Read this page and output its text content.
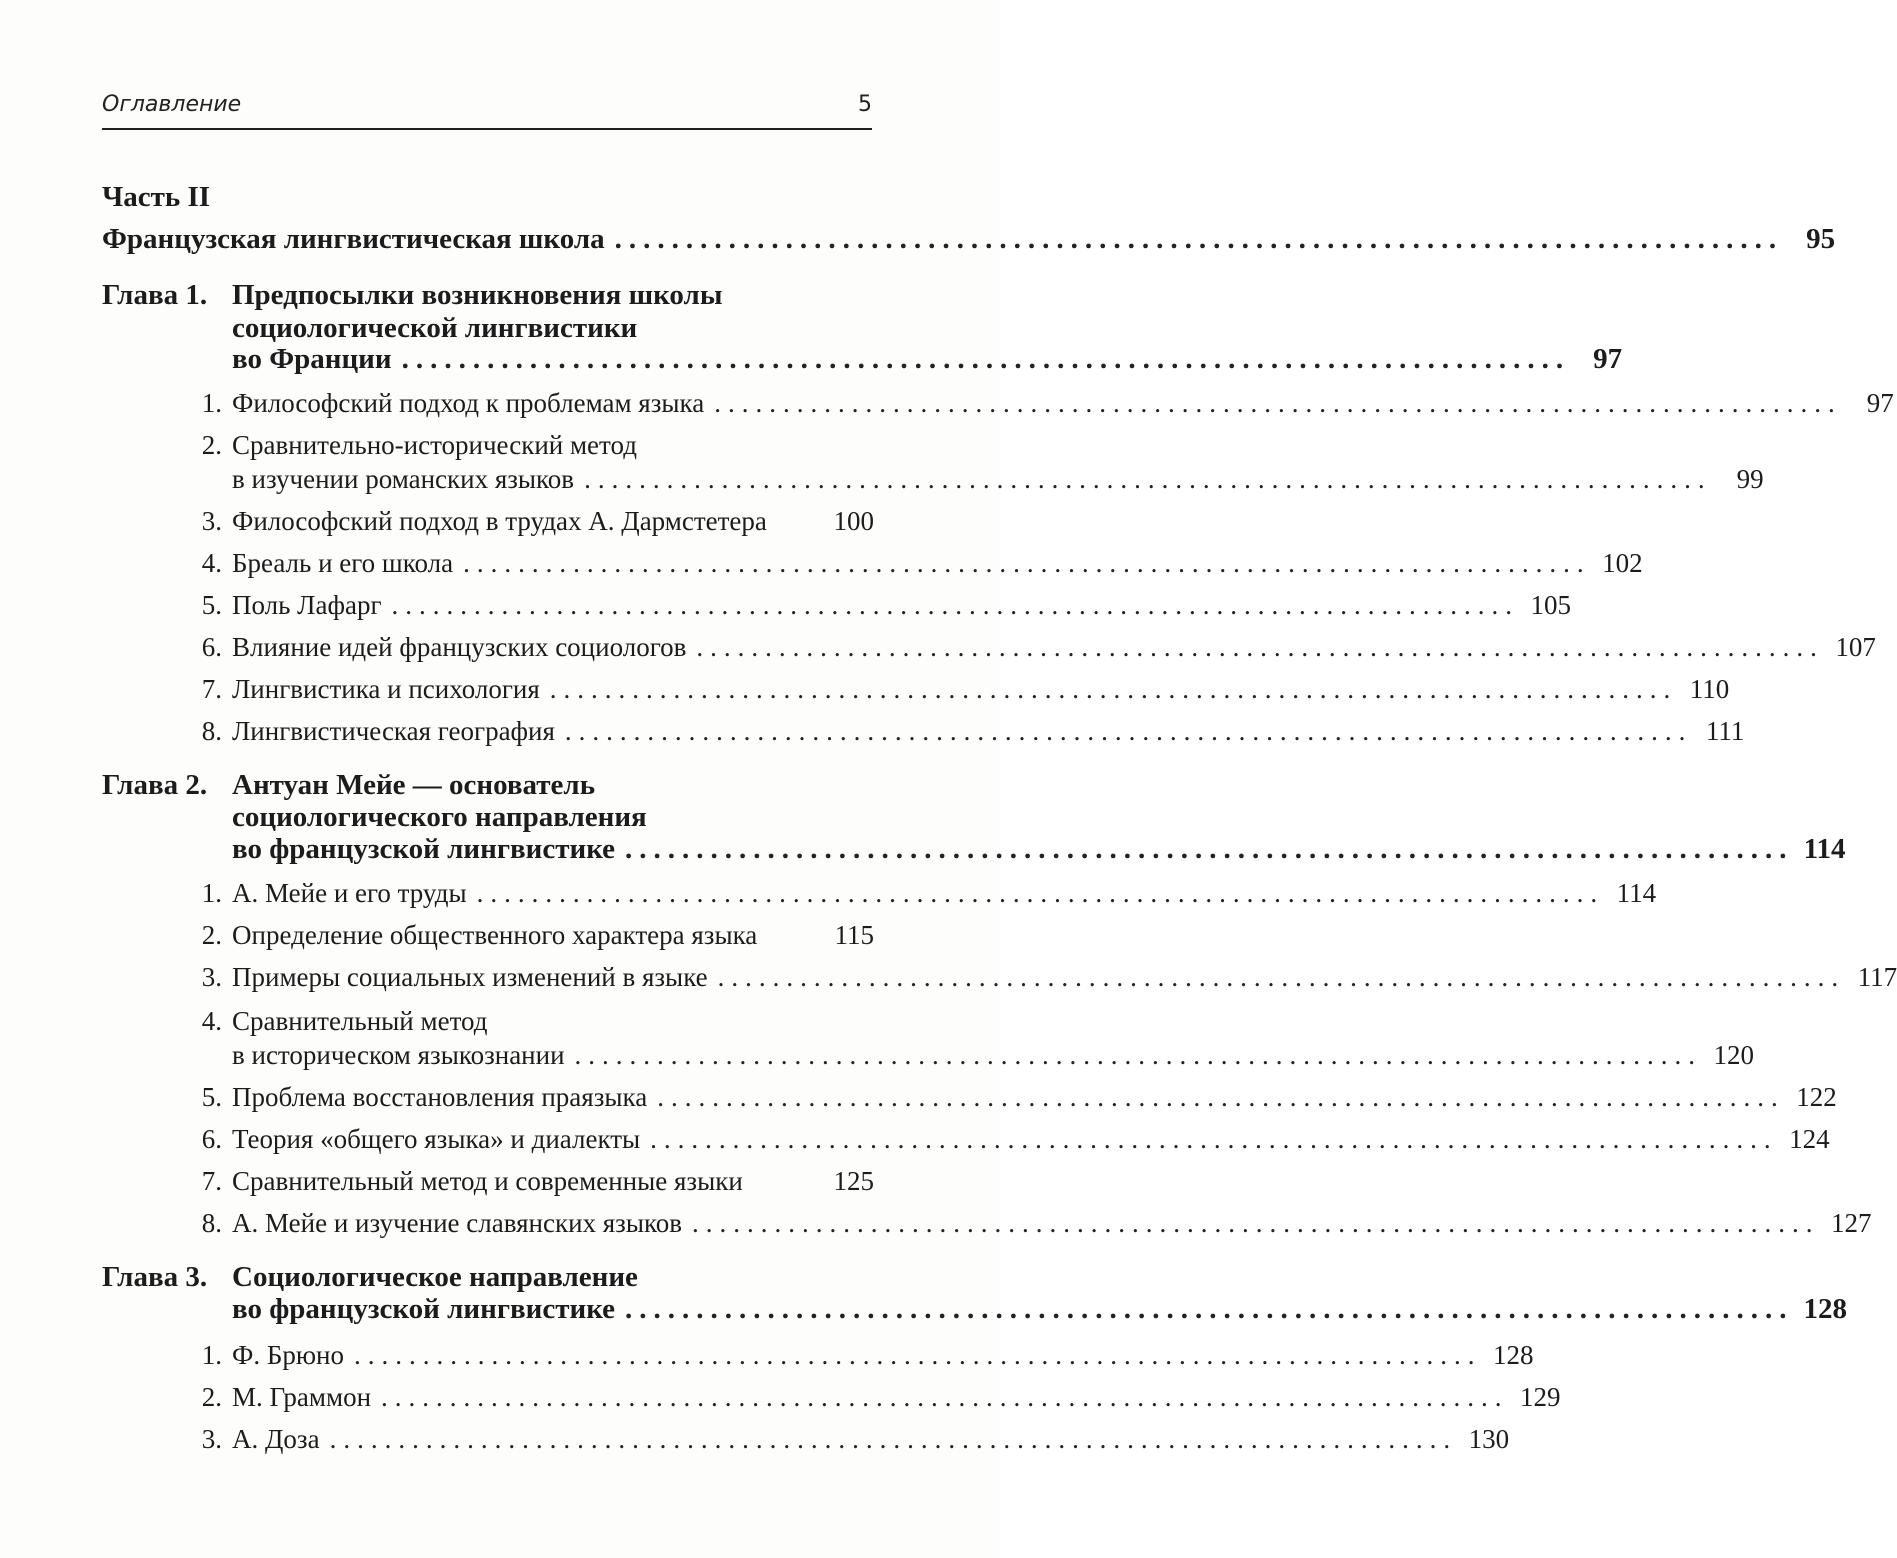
Оглавление	5
Часть II
Французская лингвистическая школа .................................................................................. 95
Глава 1. Предпосылки возникновения школы
социологической лингвистики
во Франции .................................................................................. 97
1. Философский подход к проблемам языка .................................................................................. 97
2. Сравнительно-исторический метод
в изучении романских языков .................................................................................. 99
3. Философский подход в трудах А. Дармстетера 100
4. Бреаль и его школа .................................................................................. 102
5. Поль Лафарг .................................................................................. 105
6. Влияние идей французских социологов .................................................................................. 107
7. Лингвистика и психология .................................................................................. 110
8. Лингвистическая география .................................................................................. 111
Глава 2. Антуан Мейе — основатель
социологического направления
во французской лингвистике .................................................................................. 114
1. А. Мейе и его труды .................................................................................. 114
2. Определение общественного характера языка	115
3. Примеры социальных изменений в языке .................................................................................. 117
4. Сравнительный метод
в историческом языкознании .................................................................................. 120
5. Проблема восстановления праязыка .................................................................................. 122
6. Теория «общего языка» и диалекты .................................................................................. 124
7. Сравнительный метод и современные языки	125
8. А. Мейе и изучение славянских языков .................................................................................. 127
Глава 3. Социологическое направление
во французской лингвистике .................................................................................. 128
1. Ф. Брюно .................................................................................. 128
2. М. Граммон .................................................................................. 129
3. А. Доза .................................................................................. 130
